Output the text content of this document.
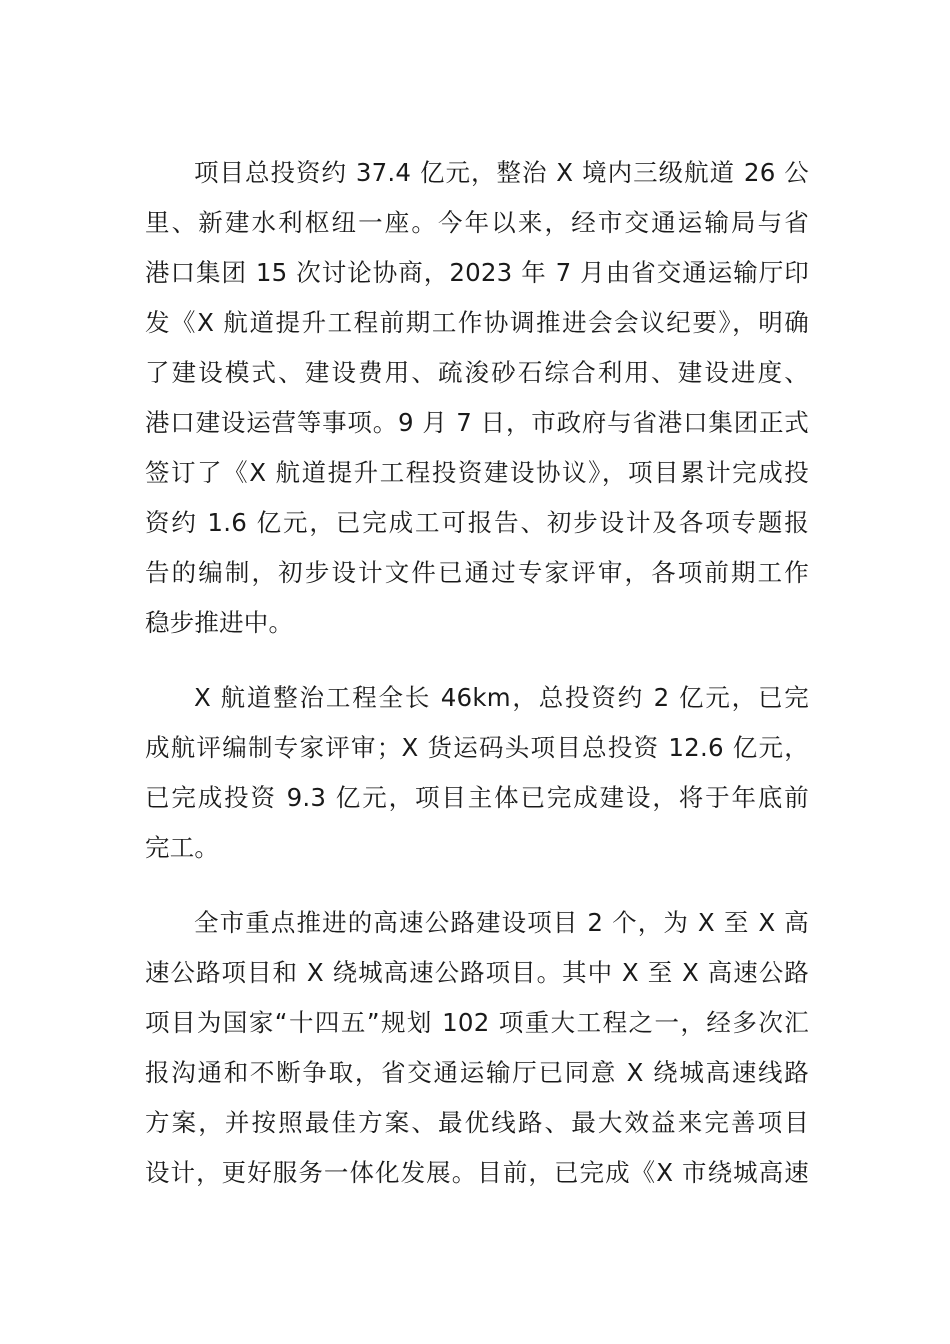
项目总投资约 37.4 亿元，整治 X 境内三级航道 26 公
里、新建水利枢纽一座。今年以来，经市交通运输局与省
港口集团 15 次讨论协商，2023 年 7 月由省交通运输厅印
发《X 航道提升工程前期工作协调推进会会议纪要》，明确
了建设模式、建设费用、疏浚砂石综合利用、建设进度、
港口建设运营等事项。9 月 7 日，市政府与省港口集团正式
签订了《X 航道提升工程投资建设协议》，项目累计完成投
资约 1.6 亿元，已完成工可报告、初步设计及各项专题报
告的编制，初步设计文件已通过专家评审，各项前期工作
稳步推进中。
X 航道整治工程全长 46km，总投资约 2 亿元，已完
成航评编制专家评审；X 货运码头项目总投资 12.6 亿元，
已完成投资 9.3 亿元，项目主体已完成建设，将于年底前
完工。
全市重点推进的高速公路建设项目 2 个，为 X 至 X 高
速公路项目和 X 绕城高速公路项目。其中 X 至 X 高速公路
项目为国家“十四五”规划 102 项重大工程之一，经多次汇
报沟通和不断争取，省交通运输厅已同意 X 绕城高速线路
方案，并按照最佳方案、最优线路、最大效益来完善项目
设计，更好服务一体化发展。目前，已完成《X 市绕城高速
